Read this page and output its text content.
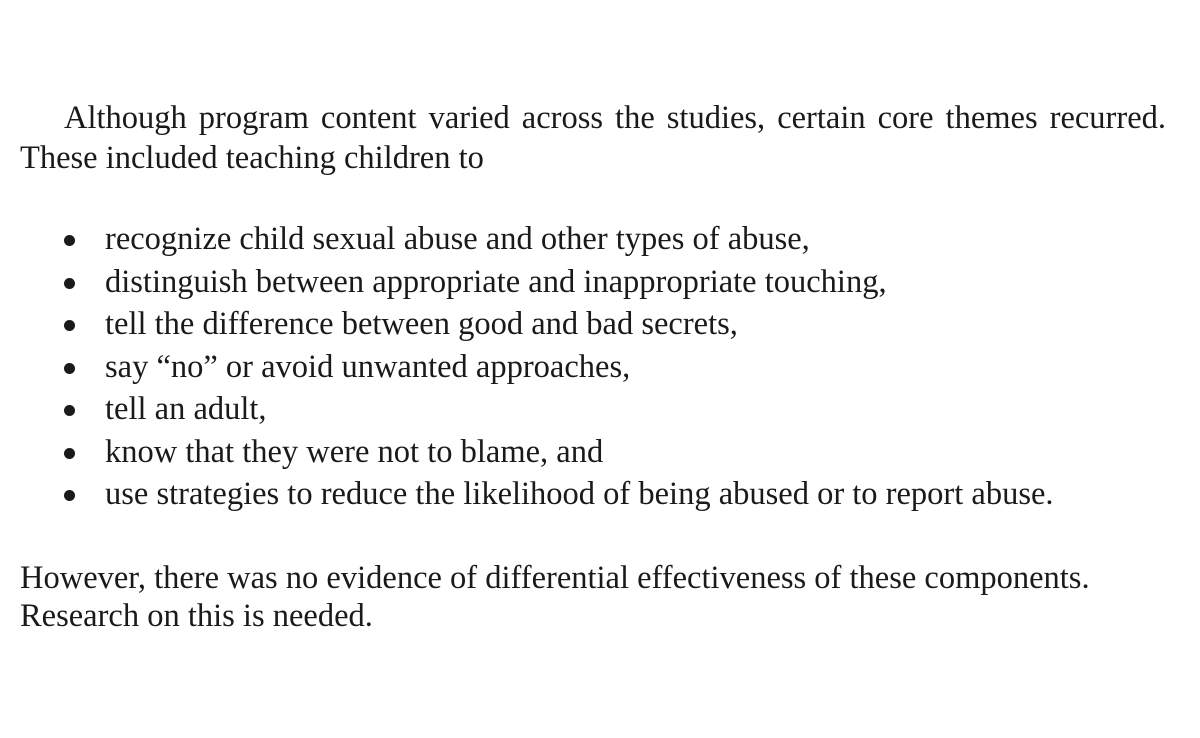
Although program content varied across the studies, certain core themes recurred. These included teaching children to

recognize child sexual abuse and other types of abuse,
distinguish between appropriate and inappropriate touching,
tell the difference between good and bad secrets,
say “no” or avoid unwanted approaches,
tell an adult,
know that they were not to blame, and
use strategies to reduce the likelihood of being abused or to report abuse.

However, there was no evidence of differential effectiveness of these components.
Research on this is needed.
